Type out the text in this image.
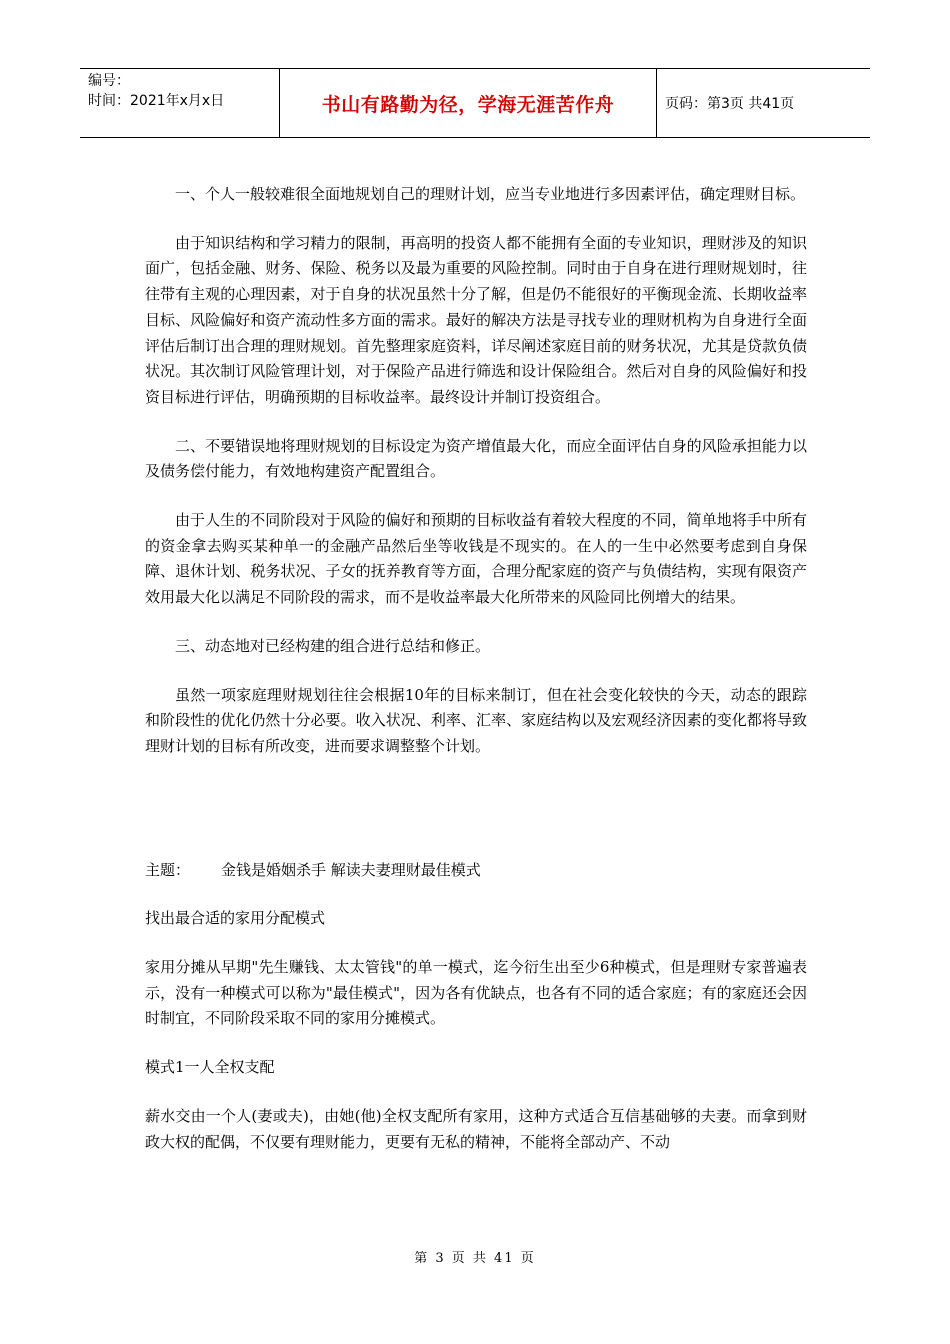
编号：
时间：2021年x月x日	书山有路勤为径，学海无涯苦作舟	页码：第3页 共41页

一、个人一般较难很全面地规划自己的理财计划，应当专业地进行多因素评估，确定理财目标。

由于知识结构和学习精力的限制，再高明的投资人都不能拥有全面的专业知识，理财涉及的知识面广，包括金融、财务、保险、税务以及最为重要的风险控制。同时由于自身在进行理财规划时，往往带有主观的心理因素，对于自身的状况虽然十分了解，但是仍不能很好的平衡现金流、长期收益率目标、风险偏好和资产流动性多方面的需求。最好的解决方法是寻找专业的理财机构为自身进行全面评估后制订出合理的理财规划。首先整理家庭资料，详尽阐述家庭目前的财务状况，尤其是贷款负债状况。其次制订风险管理计划，对于保险产品进行筛选和设计保险组合。然后对自身的风险偏好和投资目标进行评估，明确预期的目标收益率。最终设计并制订投资组合。

二、不要错误地将理财规划的目标设定为资产增值最大化，而应全面评估自身的风险承担能力以及债务偿付能力，有效地构建资产配置组合。

由于人生的不同阶段对于风险的偏好和预期的目标收益有着较大程度的不同，简单地将手中所有的资金拿去购买某种单一的金融产品然后坐等收钱是不现实的。在人的一生中必然要考虑到自身保障、退休计划、税务状况、子女的抚养教育等方面，合理分配家庭的资产与负债结构，实现有限资产效用最大化以满足不同阶段的需求，而不是收益率最大化所带来的风险同比例增大的结果。

三、动态地对已经构建的组合进行总结和修正。

虽然一项家庭理财规划往往会根据10年的目标来制订，但在社会变化较快的今天，动态的跟踪和阶段性的优化仍然十分必要。收入状况、利率、汇率、家庭结构以及宏观经济因素的变化都将导致理财计划的目标有所改变，进而要求调整整个计划。

主题：	金钱是婚姻杀手 解读夫妻理财最佳模式

找出最合适的家用分配模式

家用分摊从早期"先生赚钱、太太管钱"的单一模式，迄今衍生出至少6种模式，但是理财专家普遍表示，没有一种模式可以称为"最佳模式"，因为各有优缺点，也各有不同的适合家庭；有的家庭还会因时制宜，不同阶段采取不同的家用分摊模式。

模式1一人全权支配

薪水交由一个人(妻或夫)，由她(他)全权支配所有家用，这种方式适合互信基础够的夫妻。而拿到财政大权的配偶，不仅要有理财能力，更要有无私的精神，不能将全部动产、不动

第 3 页 共 41 页
